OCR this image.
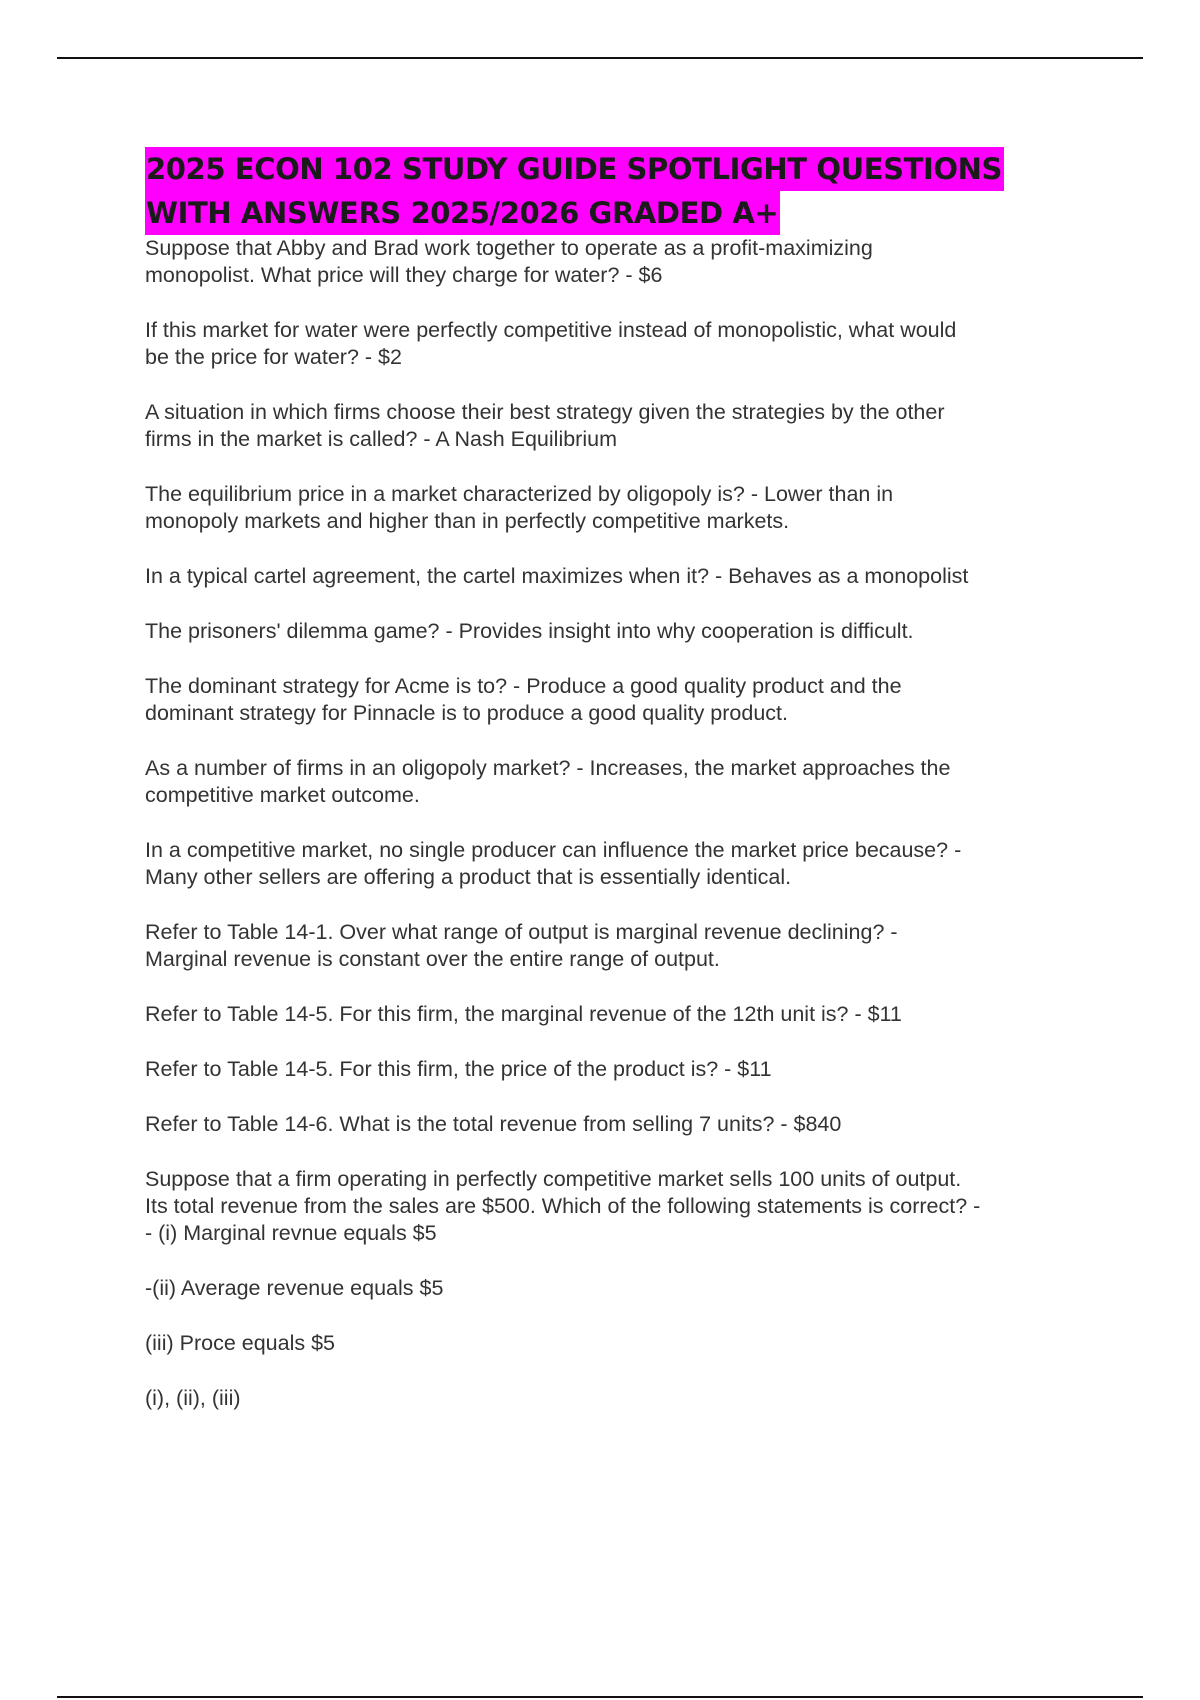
2025 ECON 102 STUDY GUIDE SPOTLIGHT QUESTIONS
WITH ANSWERS 2025/2026 GRADED A+

Suppose that Abby and Brad work together to operate as a profit-maximizing
monopolist. What price will they charge for water? - $6

If this market for water were perfectly competitive instead of monopolistic, what would
be the price for water? - $2

A situation in which firms choose their best strategy given the strategies by the other
firms in the market is called? - A Nash Equilibrium

The equilibrium price in a market characterized by oligopoly is? - Lower than in
monopoly markets and higher than in perfectly competitive markets.

In a typical cartel agreement, the cartel maximizes when it? - Behaves as a monopolist

The prisoners' dilemma game? - Provides insight into why cooperation is difficult.

The dominant strategy for Acme is to? - Produce a good quality product and the
dominant strategy for Pinnacle is to produce a good quality product.

As a number of firms in an oligopoly market? - Increases, the market approaches the
competitive market outcome.

In a competitive market, no single producer can influence the market price because? -
Many other sellers are offering a product that is essentially identical.

Refer to Table 14-1. Over what range of output is marginal revenue declining? -
Marginal revenue is constant over the entire range of output.

Refer to Table 14-5. For this firm, the marginal revenue of the 12th unit is? - $11

Refer to Table 14-5. For this firm, the price of the product is? - $11

Refer to Table 14-6. What is the total revenue from selling 7 units? - $840

Suppose that a firm operating in perfectly competitive market sells 100 units of output.
Its total revenue from the sales are $500. Which of the following statements is correct? -
- (i) Marginal revnue equals $5

-(ii) Average revenue equals $5

(iii) Proce equals $5

(i), (ii), (iii)
